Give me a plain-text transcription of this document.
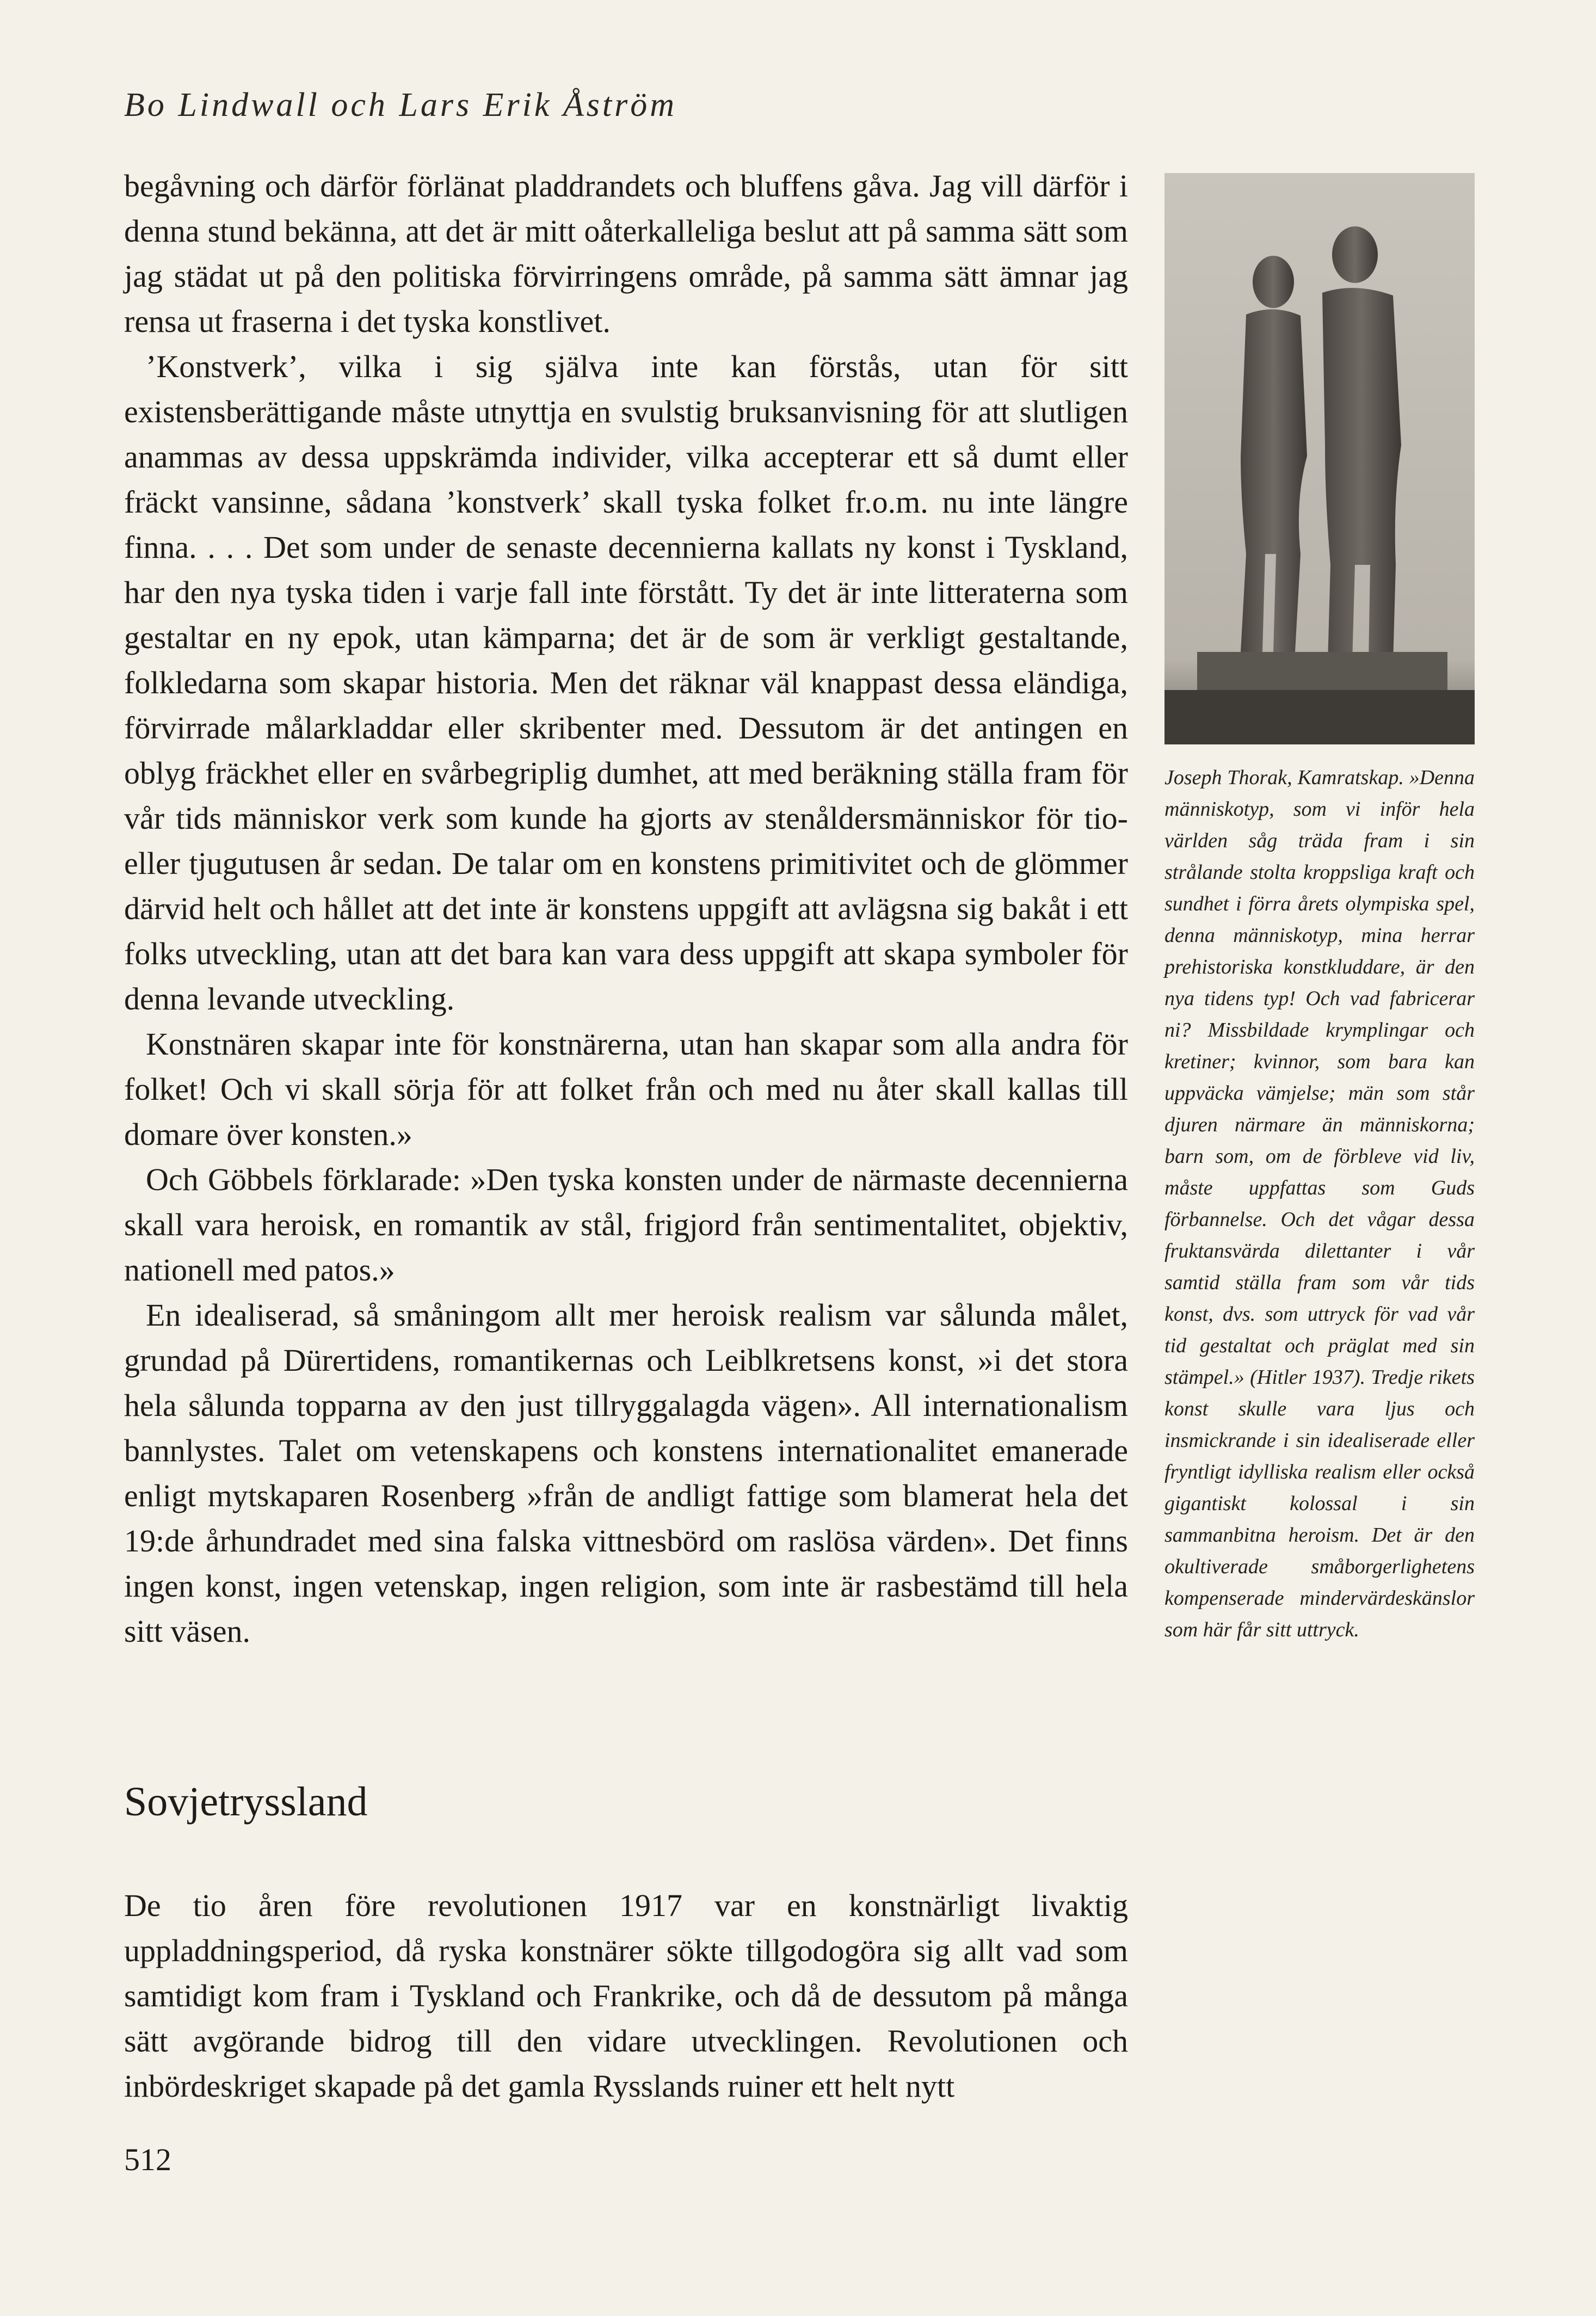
Bo Lindwall och Lars Erik Åström

begåvning och därför förlänat pladdrandets och bluffens gåva. Jag vill därför i denna stund bekänna, att det är mitt oåterkalleliga beslut att på samma sätt som jag städat ut på den politiska förvirringens område, på samma sätt ämnar jag rensa ut fraserna i det tyska konstlivet.

’Konstverk’, vilka i sig själva inte kan förstås, utan för sitt existensberättigande måste utnyttja en svulstig bruksanvisning för att slutligen anammas av dessa uppskrämda individer, vilka accepterar ett så dumt eller fräckt vansinne, sådana ’konstverk’ skall tyska folket fr.o.m. nu inte längre finna. . . . Det som under de senaste decennierna kallats ny konst i Tyskland, har den nya tyska tiden i varje fall inte förstått. Ty det är inte litteraterna som gestaltar en ny epok, utan kämparna; det är de som är verkligt gestaltande, folkledarna som skapar historia. Men det räknar väl knappast dessa eländiga, förvirrade målarkladdar eller skribenter med. Dessutom är det antingen en oblyg fräckhet eller en svårbegriplig dumhet, att med beräkning ställa fram för vår tids människor verk som kunde ha gjorts av stenåldersmänniskor för tio- eller tjugutusen år sedan. De talar om en konstens primitivitet och de glömmer därvid helt och hållet att det inte är konstens uppgift att avlägsna sig bakåt i ett folks utveckling, utan att det bara kan vara dess uppgift att skapa symboler för denna levande utveckling.

Konstnären skapar inte för konstnärerna, utan han skapar som alla andra för folket! Och vi skall sörja för att folket från och med nu åter skall kallas till domare över konsten.»

Och Göbbels förklarade: »Den tyska konsten under de närmaste decennierna skall vara heroisk, en romantik av stål, frigjord från sentimentalitet, objektiv, nationell med patos.»

En idealiserad, så småningom allt mer heroisk realism var sålunda målet, grundad på Dürertidens, romantikernas och Leiblkretsens konst, »i det stora hela sålunda topparna av den just tillryggalagda vägen». All internationalism bannlystes. Talet om vetenskapens och konstens internationalitet emanerade enligt mytskaparen Rosenberg »från de andligt fattige som blamerat hela det 19:de århundradet med sina falska vittnesbörd om raslösa värden». Det finns ingen konst, ingen vetenskap, ingen religion, som inte är rasbestämd till hela sitt väsen.

Joseph Thorak, Kamratskap. »Denna människotyp, som vi inför hela världen såg träda fram i sin strålande stolta kroppsliga kraft och sundhet i förra årets olympiska spel, denna människotyp, mina herrar prehistoriska konstkluddare, är den nya tidens typ! Och vad fabricerar ni? Missbildade krymplingar och kretiner; kvinnor, som bara kan uppväcka vämjelse; män som står djuren närmare än människorna; barn som, om de förbleve vid liv, måste uppfattas som Guds förbannelse. Och det vågar dessa fruktansvärda dilettanter i vår samtid ställa fram som vår tids konst, dvs. som uttryck för vad vår tid gestaltat och präglat med sin stämpel.» (Hitler 1937). Tredje rikets konst skulle vara ljus och insmickrande i sin idealiserade eller fryntligt idylliska realism eller också gigantiskt kolossal i sin sammanbitna heroism. Det är den okultiverade småborgerlighetens kompenserade mindervärdeskänslor som här får sitt uttryck.

Sovjetryssland

De tio åren före revolutionen 1917 var en konstnärligt livaktig uppladdningsperiod, då ryska konstnärer sökte tillgodogöra sig allt vad som samtidigt kom fram i Tyskland och Frankrike, och då de dessutom på många sätt avgörande bidrog till den vidare utvecklingen. Revolutionen och inbördeskriget skapade på det gamla Rysslands ruiner ett helt nytt

512
